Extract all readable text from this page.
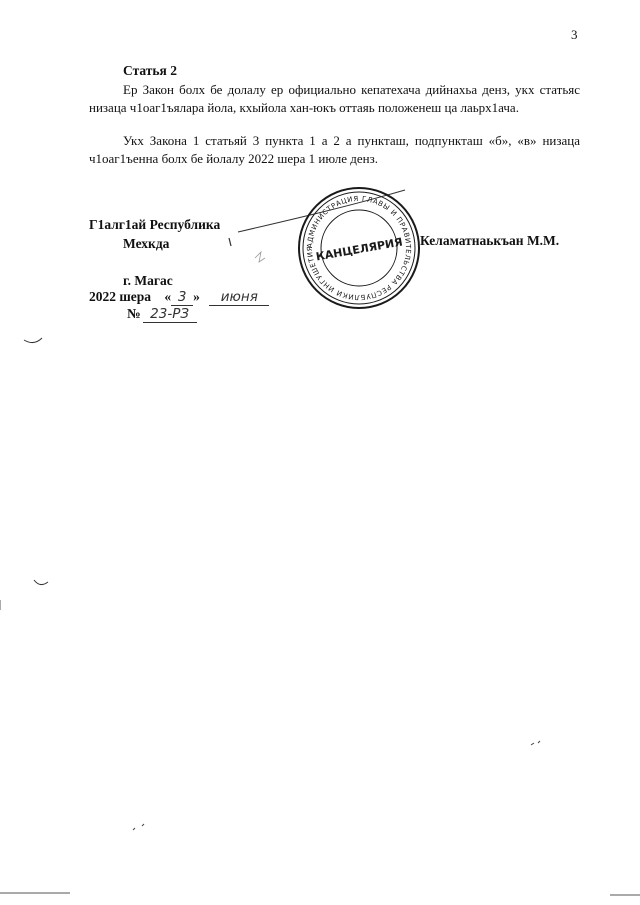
3
Статья 2
Ер Закон болх бе долалу ер официально кепатехача дийнахьа денз, укх статьяс низаца ч1оаг1ъялара йола, кхыйола хан-юкъ оттаяь положенеш ца лаьрх1ача.
Укх Закона 1 статьяй 3 пункта 1 а 2 а пункташ, подпункташ «б», «в» низаца ч1оаг1ъенна болх бе йолалу 2022 шера 1 июле денз.
Г1алг1ай Республика
Мехкда	Келаматнаькъан М.М.
г. Магас
2022 шера « 3 » июня
№ 23-РЗ
АДМИНИСТРАЦИЯ ГЛАВЫ И ПРАВИТЕЛЬСТВА РЕСПУБЛИКИ ИНГУШЕТИЯ КАНЦЕЛЯРИЯ
